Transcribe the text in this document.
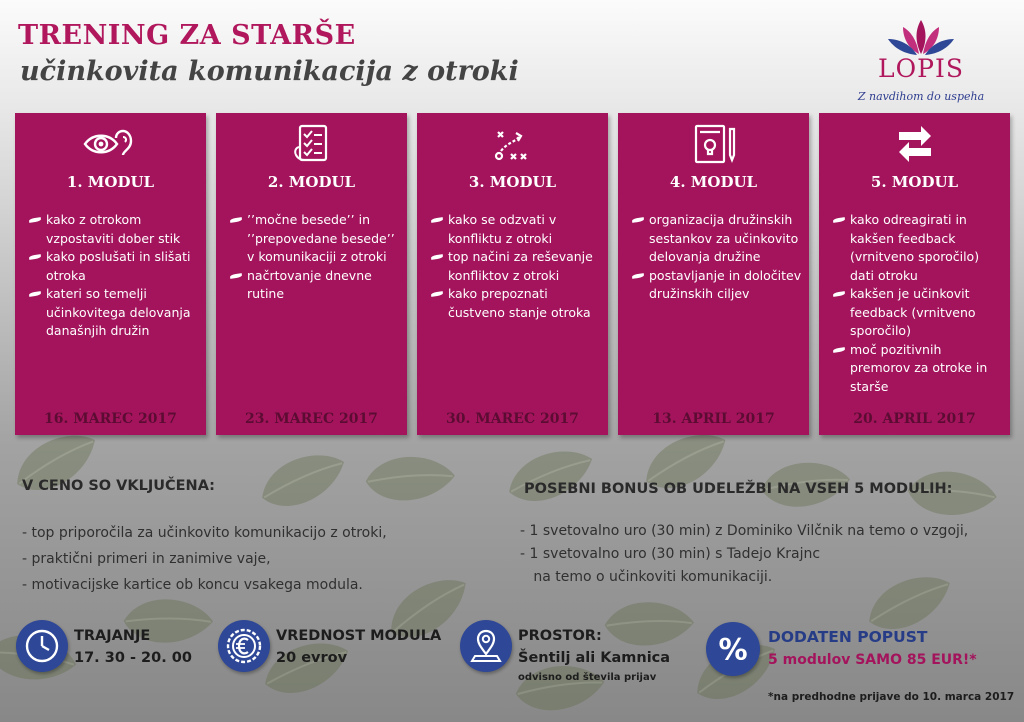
TRENING ZA STARŠE
učinkovita komunikacija z otroki	LOPIS
Z navdihom do uspeha
1. MODUL
kako z otrokom vzpostaviti dober stik
kako poslušati in slišati otroka
kateri so temelji učinkovitega delovanja današnjih družin
16. MAREC 2017
2. MODUL
’’močne besede’’ in ’’prepovedane besede’’ v komunikaciji z otroki
načrtovanje dnevne rutine
23. MAREC 2017
3. MODUL
kako se odzvati v konfliktu z otroki
top načini za reševanje konfliktov z otroki
kako prepoznati čustveno stanje otroka
30. MAREC 2017
4. MODUL
organizacija družinskih sestankov za učinkovito delovanja družine
postavljanje in določitev družinskih ciljev
13. APRIL 2017
5. MODUL
kako odreagirati in kakšen feedback (vrnitveno sporočilo) dati otroku
kakšen je učinkovit feedback (vrnitveno sporočilo)
moč pozitivnih premorov za otroke in starše
20. APRIL 2017
V CENO SO VKLJUČENA:
- top priporočila za učinkovito komunikacijo z otroki,
- praktični primeri in zanimive vaje,
- motivacijske kartice ob koncu vsakega modula.
POSEBNI BONUS OB UDELEŽBI NA VSEH 5 MODULIH:
- 1 svetovalno uro (30 min) z Dominiko Vilčnik na temo o vzgoji,
- 1 svetovalno uro (30 min) s Tadejo Krajnc
na temo o učinkoviti komunikaciji.
TRAJANJE
17. 30 - 20. 00
VREDNOST MODULA
20 evrov
PROSTOR:
Šentilj ali Kamnica
odvisno od števila prijav
% DODATEN POPUST
5 modulov SAMO 85 EUR!*
*na predhodne prijave do 10. marca 2017
